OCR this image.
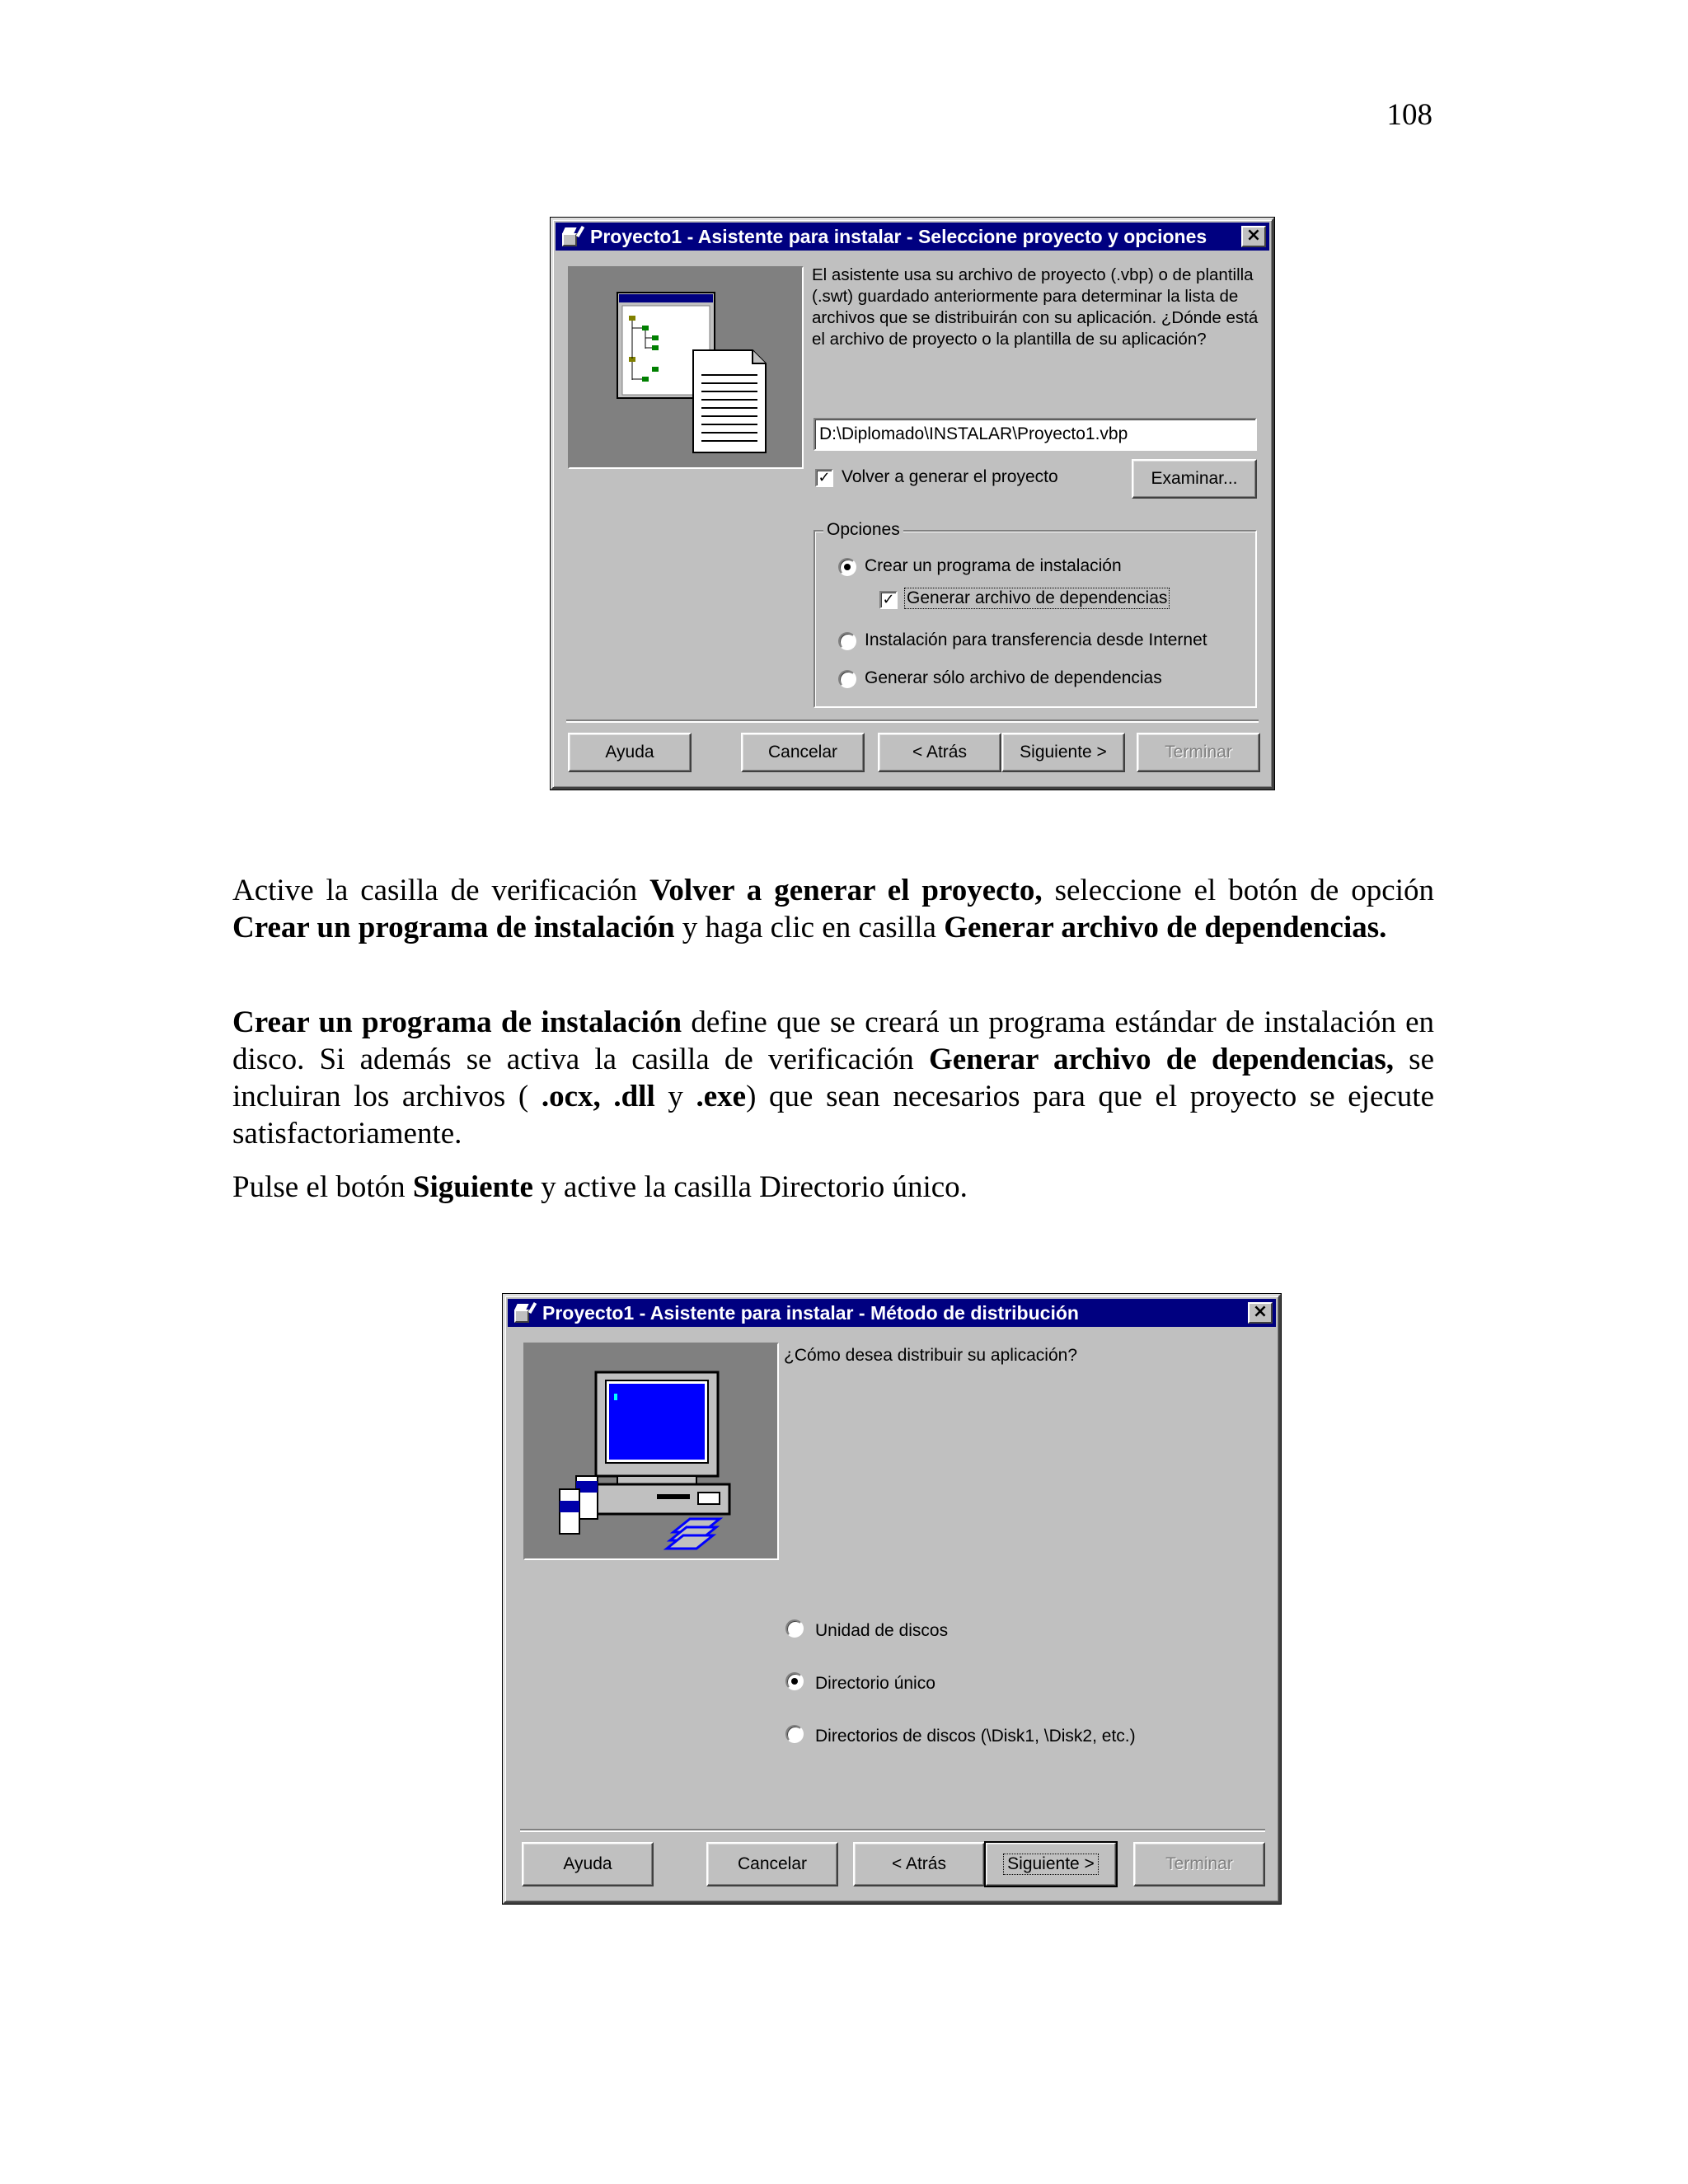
108
Proyecto1 - Asistente para instalar - Seleccione proyecto y opciones	×
El asistente usa su archivo de proyecto (.vbp) o de plantilla (.swt) guardado anteriormente para determinar la lista de archivos que se distribuirán con su aplicación. ¿Dónde está el archivo de proyecto o la plantilla de su aplicación?
D:\Diplomado\INSTALAR\Proyecto1.vbp
✓ Volver a generar el proyecto	Examinar...
Opciones
Crear un programa de instalación
✓ Generar archivo de dependencias
Instalación para transferencia desde Internet
Generar sólo archivo de dependencias
Ayuda	Cancelar	< Atrás	Siguiente >	Terminar

Active la casilla de verificación Volver a generar el proyecto, seleccione el botón de opción Crear un programa de instalación y haga clic en casilla Generar archivo de dependencias.

Crear un programa de instalación define que se creará un programa estándar de instalación en disco. Si además se activa la casilla de verificación Generar archivo de dependencias, se incluiran los archivos ( .ocx, .dll y .exe) que sean necesarios para que el proyecto se ejecute satisfactoriamente.

Pulse el botón Siguiente y active la casilla Directorio único.

Proyecto1 - Asistente para instalar - Método de distribución	×
¿Cómo desea distribuir su aplicación?
Unidad de discos
Directorio único
Directorios de discos (\Disk1, \Disk2, etc.)
Ayuda	Cancelar	< Atrás	Siguiente >	Terminar
